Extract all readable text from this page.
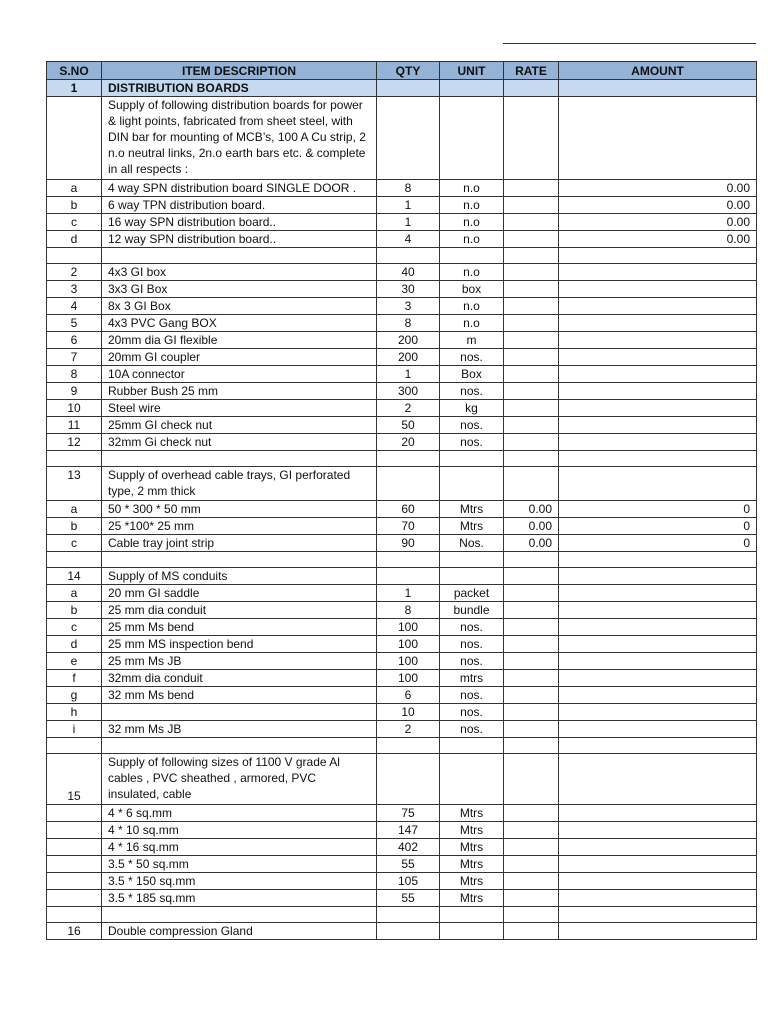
S.NO	ITEM DESCRIPTION	QTY	UNIT	RATE	AMOUNT
1	DISTRIBUTION BOARDS				
	Supply of following distribution boards for power & light points, fabricated from sheet steel, with DIN bar for mounting of MCB’s, 100 A Cu strip, 2 n.o neutral links, 2n.o earth bars etc. & complete in all respects :				
a	4 way SPN distribution board SINGLE DOOR .	8	n.o		0.00
b	6 way TPN distribution board.	1	n.o		0.00
c	16 way SPN distribution board..	1	n.o		0.00
d	12 way SPN distribution board..	4	n.o		0.00

2	4x3 GI box	40	n.o		
3	3x3 GI Box	30	box		
4	8x 3 GI Box	3	n.o		
5	4x3 PVC Gang BOX	8	n.o		
6	20mm dia GI flexible	200	m		
7	20mm GI coupler	200	nos.		
8	10A connector	1	Box		
9	Rubber Bush 25 mm	300	nos.		
10	Steel wire	2	kg		
11	25mm GI check nut	50	nos.		
12	32mm Gi check nut	20	nos.		

13	Supply of overhead cable trays, GI perforated type, 2 mm thick				
a	50 * 300 * 50 mm	60	Mtrs	0.00	0
b	25 *100* 25 mm	70	Mtrs	0.00	0
c	Cable tray joint strip	90	Nos.	0.00	0

14	Supply of MS conduits				
a	20 mm GI saddle	1	packet		
b	25 mm dia conduit	8	bundle		
c	25 mm Ms bend	100	nos.		
d	25 mm MS inspection bend	100	nos.		
e	25 mm Ms JB	100	nos.		
f	32mm dia conduit	100	mtrs		
g	32 mm Ms bend	6	nos.		
h		10	nos.		
i	32 mm Ms JB	2	nos.		

15	Supply of following sizes of 1100 V grade Al cables , PVC sheathed , armored, PVC insulated, cable				
	4 * 6 sq.mm	75	Mtrs		
	4 * 10 sq.mm	147	Mtrs		
	4 * 16 sq.mm	402	Mtrs		
	3.5 * 50 sq.mm	55	Mtrs		
	3.5 * 150 sq.mm	105	Mtrs		
	3.5 * 185 sq.mm	55	Mtrs		

16	Double compression Gland				
